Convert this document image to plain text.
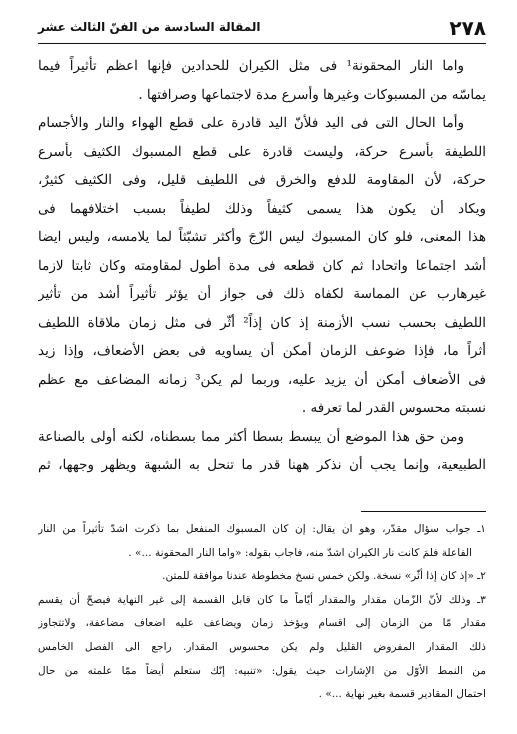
٢٧٨
المقالة السادسة من الفنّ الثالث عشر
واما النار المحقونة¹ فى مثل الكيران للحدادين فإنها اعظم تأثيراً فيما
يماسّه من المسبوكات وغيرها وأسرع مدة لاجتماعها وصرافتها .
وأما الحال التى فى اليد فلأنّ اليد قادرة على قطع الهواء والنار والأجسام
اللطيفة بأسرع حركة، وليست قادرة على قطع المسبوك الكثيف بأسرع
حركة، لأن المقاومة للدفع والخرق فى اللطيف قليل، وفى الكثيف كثيرٌ،
ويكاد أن يكون هذا يسمى كثيفاً وذلك لطيفاً بسبب اختلافهما فى
هذا المعنى، فلو كان المسبوك ليس الزّجَ وأكثر تشبّثاً لما يلامسه، وليس ايضا
أشد اجتماعا واتحادا ثم كان قطعه فى مدة أطول لمقاومته وكان ثابتا لازما
غيرهارب عن المماسة لكفاه ذلك فى جواز أن يؤثر تأثيراً أشد من تأثير
اللطيف بحسب نسب الأزمنة إذ كان إذاً² أثّر فى مثل زمان ملاقاة اللطيف
أثراً ما، فإذا ضوعف الزمان أمكن أن يساويه فى بعض الأضعاف، وإذا زيد
فى الأضعاف أمكن أن يزيد عليه، وربما لم يكن³ زمانه المضاعف مع عظم
نسبته محسوس القدر لما تعرفه .
ومن حق هذا الموضع أن يبسط بسطا أكثر مما بسطناه، لكنه أولى بالصناعة
الطبيعية، وإنما يجب أن نذكر ههنا قدر ما تنحل به الشبهة ويظهر وجهها، ثم
١ـ جواب سؤال مقدّر، وهو ان يقال: إن كان المسبوك المنفعل بما ذكرت اشدّ تأثيراً من النار
الفاعلة فلمَ كانت نار الكيران اشدّ منه، فاجاب بقوله: «واما النار المحقونة ...» .
٢ـ «إذ كان إذا أثّر» نسخة. ولكن خمس نسخ مخطوطة عندنا موافقة للمتن.
٣ـ وذلك لأنّ الزّمان مقدار والمقدار أيّاماً ما كان قابل القسمة إلى غير النهاية فيصحّ أن يقسم
مقدار مّا من الزمان إلى اقسام ويؤخذ زمان ويضاعف عليه اضعاف مضاعفة، ولاتتجاوز
ذلك المقدار المفروض القليل ولم يكن محسوس المقدار. راجع الى الفصل الخامس
من النمط الأوّل من الإشارات حيث يقول: «تنبيه: إنّك ستعلم أيضاً ممّا علمته من حال
احتمال المقادير قسمة بغير نهاية ...» .
